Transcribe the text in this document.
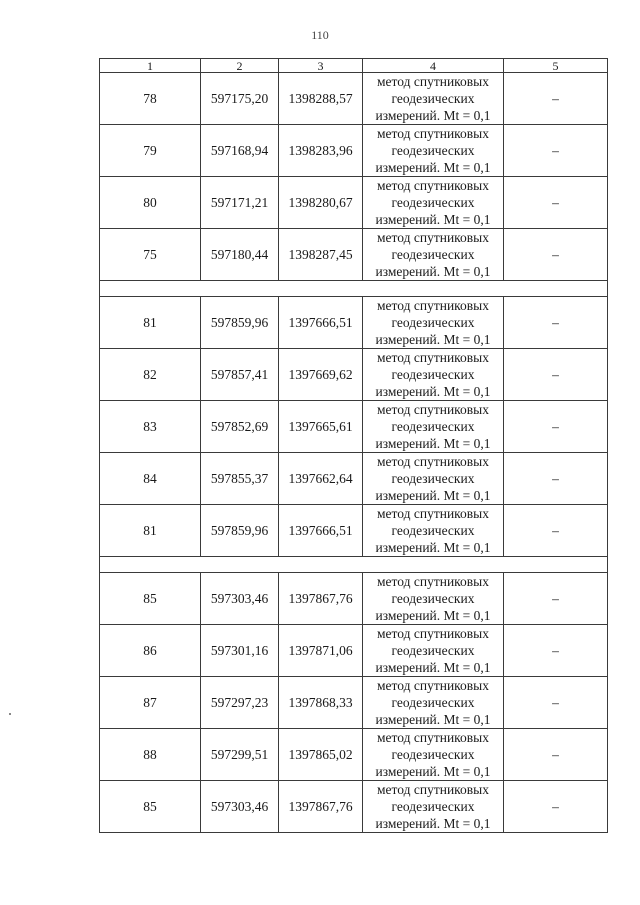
110
1	2	3	4	5
78	597175,20	1398288,57	метод спутниковых
геодезических
измерений. Mt = 0,1	–
79	597168,94	1398283,96	метод спутниковых
геодезических
измерений. Mt = 0,1	–
80	597171,21	1398280,67	метод спутниковых
геодезических
измерений. Mt = 0,1	–
75	597180,44	1398287,45	метод спутниковых
геодезических
измерений. Mt = 0,1	–

81	597859,96	1397666,51	метод спутниковых
геодезических
измерений. Mt = 0,1	–
82	597857,41	1397669,62	метод спутниковых
геодезических
измерений. Mt = 0,1	–
83	597852,69	1397665,61	метод спутниковых
геодезических
измерений. Mt = 0,1	–
84	597855,37	1397662,64	метод спутниковых
геодезических
измерений. Mt = 0,1	–
81	597859,96	1397666,51	метод спутниковых
геодезических
измерений. Mt = 0,1	–

85	597303,46	1397867,76	метод спутниковых
геодезических
измерений. Mt = 0,1	–
86	597301,16	1397871,06	метод спутниковых
геодезических
измерений. Mt = 0,1	–
87	597297,23	1397868,33	метод спутниковых
геодезических
измерений. Mt = 0,1	–
88	597299,51	1397865,02	метод спутниковых
геодезических
измерений. Mt = 0,1	–
85	597303,46	1397867,76	метод спутниковых
геодезических
измерений. Mt = 0,1	–
